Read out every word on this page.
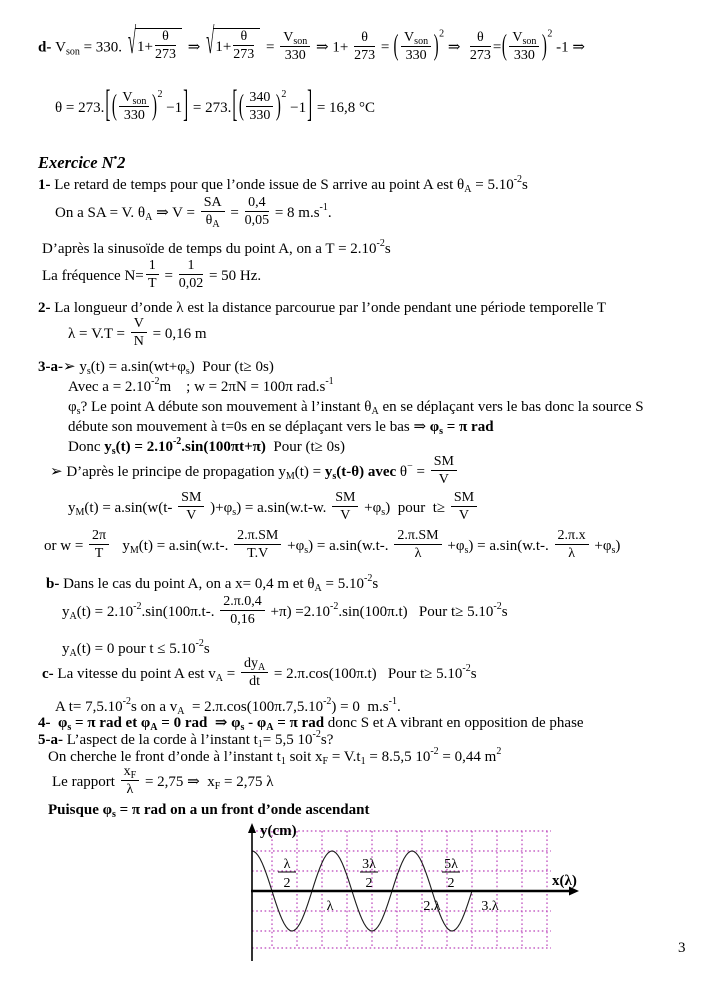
d- $V_{son} = 330$. √ $1+ \frac{\theta}{273}$ ⇒ √ $1+ \frac{\theta}{273} = \frac{V_{son}}{330}$ ⇒ $1+ \frac{\theta}{273}$ = ( $\frac{V_{son}}{330} )^2$ ⇒ $\frac{\theta}{273}$ =( $\frac{V_{son}}{330} )^2$ -1 ⇒
θ = 273.[ ( $\frac{V_{son}}{330} )^2 -1] = 273$.[ ( $\frac{340}{330} )^2 -1] = 16,8$ °C
Exercice N•2
1- Le retard de temps pour que l’onde issue de S arrive au point A est $\theta_A = 5.10^{-2}s$
On a SA = V. $\theta_A$ ⇒ $V = \frac{SA}{\theta_A} = \frac{0,4}{0,05} = 8$ $m.s^{-1}$.
D’après la sinusoïde de temps du point A, on a $T = 2.10^{-2}s$
La fréquence $N= \frac{1}{T} = \frac{1}{0,02} = 50$ Hz.
2- La longueur d’onde λ est la distance parcourue par l’onde pendant une période temporelle T
$\lambda = V.T = \frac{V}{N} = 0,16$ m
3-a-➢ $y_s(t) = a.\sin(wt+\varphi_s)$  Pour (t≥ 0s)
Avec $a = 2.10^{-2}m$    ; w = 2πN = 100π $rad.s^{-1}$
$\varphi_s$? Le point A débute son mouvement à l’instant $\theta_A$ en se déplaçant vers le bas donc la source S
débute son mouvement à t=0s en se déplaçant vers le bas ⇒ $\varphi_s = \pi$ rad
Donc $y_s(t) = 2.10^{-2}.\sin(100\pi t+\pi)$  Pour (t≥ 0s)
➢ D’après le principe de propagation $y_M(t) = y_s(t-\theta)$ avec $\theta^- = \frac{SM}{V}$
$y_M(t) = a.\sin(w(t- \frac{SM}{V} )+\varphi_s) = a.\sin(w.t-w$. $\frac{SM}{V} +\varphi_s$)  pour  $t\ge \frac{SM}{V}$
or $w = \frac{2\pi}{T} y_M(t) = a.\sin(w.t-$. $\frac{2.\pi.SM}{T.V} +\varphi_s) = a.\sin(w.t-$. $\frac{2.\pi.SM}{\lambda} +\varphi_s) = a.\sin(w.t-$. $\frac{2.\pi.x}{\lambda} +\varphi_s$)
b- Dans le cas du point A, on a x= 0,4 m et $\theta_A = 5.10^{-2}s$
$y_A(t) = 2.10^{-2}.\sin(100\pi.t-$. $\frac{2.\pi.0,4}{0,16} +\pi) =2.10^{-2}.\sin(100\pi.t)$   Pour $t\ge 5.10^{-2}s$
$y_A(t) = 0$ pour $t \le 5.10^{-2}s$
c- La vitesse du point A est $v_A = \frac{dy_A}{dt} = 2.\pi.\cos(100\pi.t)$   Pour $t\ge 5.10^{-2}s$
A $t= 7,5.10^{-2}s$ on a $v_A = 2.\pi.\cos(100\pi.7,5.10^{-2}) = 0$  $m.s^{-1}$.
4-  $\varphi_s = \pi$ rad et $\varphi_A = 0$ rad  ⇒ $\varphi_s - \varphi_A = \pi$ rad donc S et A vibrant en opposition de phase
5-a- L’aspect de la corde à l’instant $t_1= 5,5$ $10^{-2}s$?
On cherche le front d’onde à l’instant $t_1$ soit $x_F = V.t_1 = 8.5,5$ $10^{-2} = 0,44$ $m^2$
Le rapport $\frac{x_F}{\lambda} = 2,75$ ⇒  $x_F = 2,75$ λ
Puisque $\varphi_s = \pi$ rad on a un front d’onde ascendant
y(cm)
x(λ)
λ
2
3λ
2
5λ
2
λ	2.λ	3.λ
3
